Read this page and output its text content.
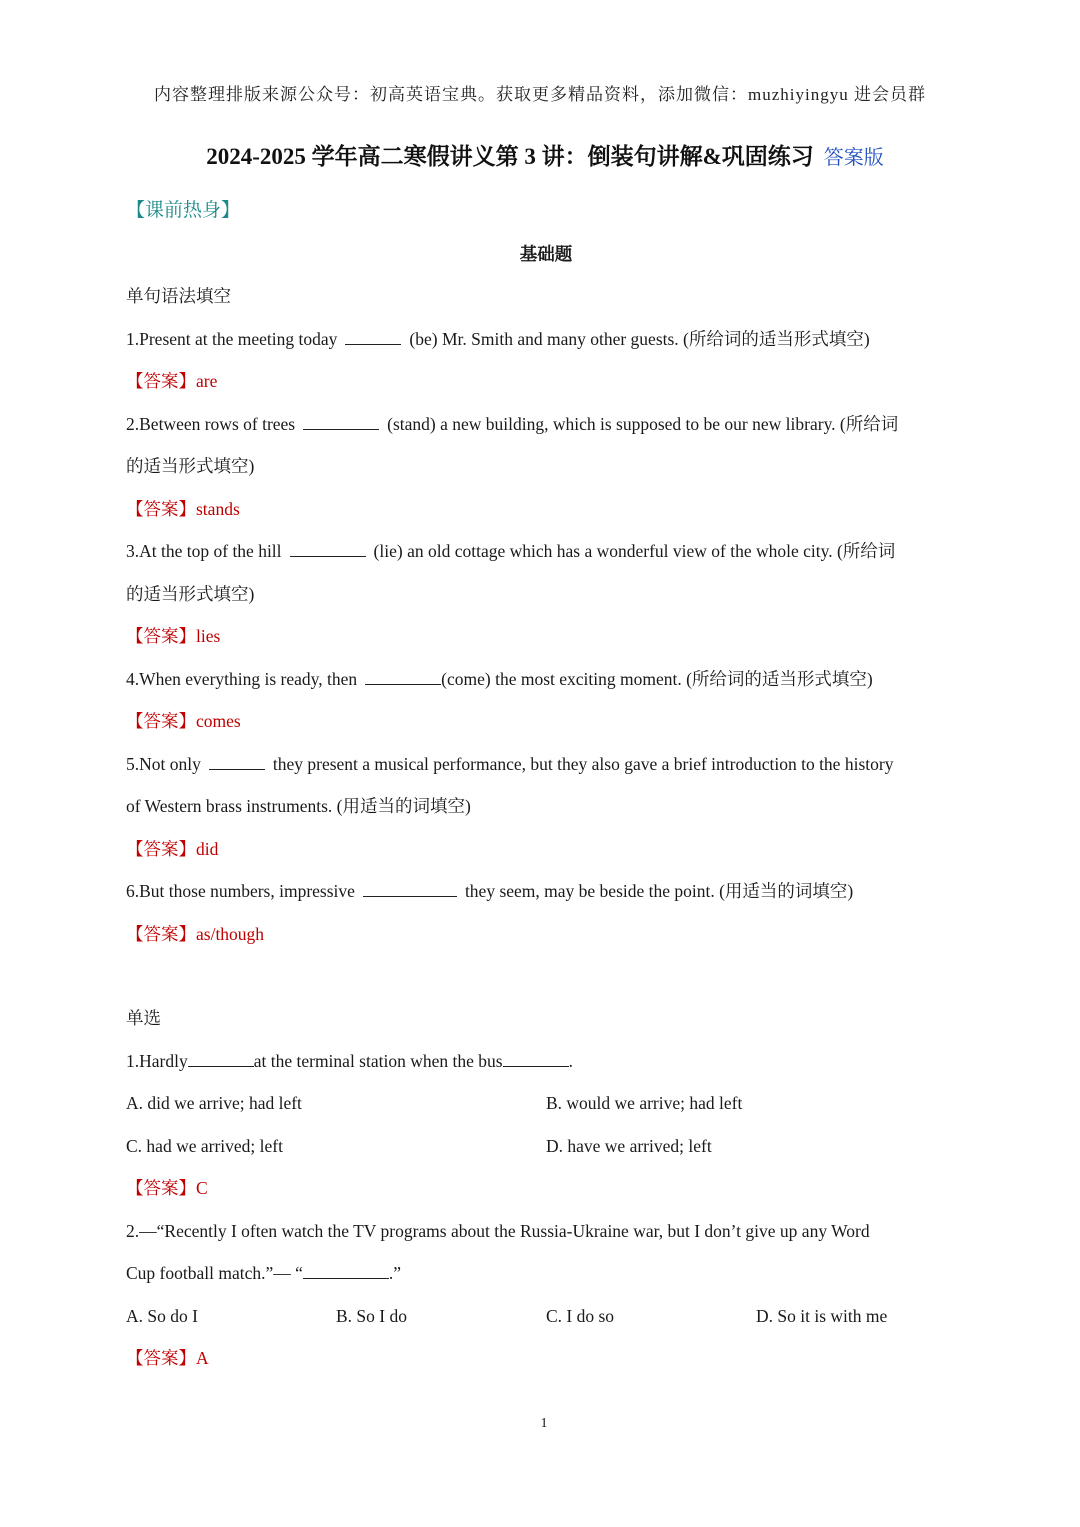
内容整理排版来源公众号：初高英语宝典。获取更多精品资料，添加微信：muzhiyingyu 进会员群
2024-2025 学年高二寒假讲义第 3 讲：倒装句讲解&巩固练习 答案版
【课前热身】
基础题
单句语法填空
1.Present at the meeting today	(be) Mr. Smith and many other guests. (所给词的适当形式填空)
【答案】are
2.Between rows of trees	(stand) a new building, which is supposed to be our new library. (所给词
的适当形式填空)
【答案】stands
3.At the top of the hill	(lie) an old cottage which has a wonderful view of the whole city. (所给词
的适当形式填空)
【答案】lies
4.When everything is ready, then	(come) the most exciting moment. (所给词的适当形式填空)
【答案】comes
5.Not only	they present a musical performance, but they also gave a brief introduction to the history
of Western brass instruments. (用适当的词填空)
【答案】did
6.But those numbers, impressive	they seem, may be beside the point. (用适当的词填空)
【答案】as/though
单选
1.Hardly	at the terminal station when the bus	.
A. did we arrive; had left	B. would we arrive; had left
C. had we arrived; left	D. have we arrived; left
【答案】C
2.—“Recently I often watch the TV programs about the Russia-Ukraine war, but I don’t give up any Word
Cup football match.”— “	.”
A. So do I	B. So I do	C. I do so	D. So it is with me
【答案】A
1
